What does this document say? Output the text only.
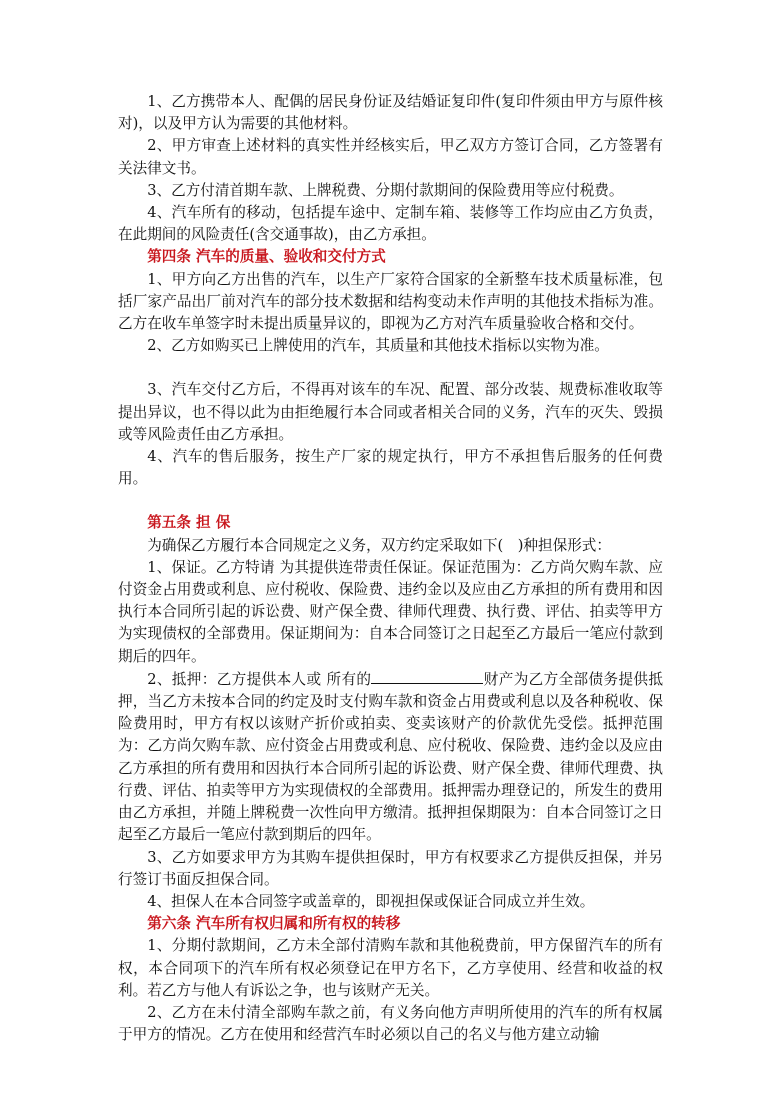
1、乙方携带本人、配偶的居民身份证及结婚证复印件(复印件须由甲方与原件核对)，以及甲方认为需要的其他材料。

2、甲方审查上述材料的真实性并经核实后，甲乙双方方签订合同，乙方签署有关法律文书。

3、乙方付清首期车款、上牌税费、分期付款期间的保险费用等应付税费。

4、汽车所有的移动，包括提车途中、定制车箱、装修等工作均应由乙方负责，在此期间的风险责任(含交通事故)，由乙方承担。

第四条 汽车的质量、验收和交付方式

1、甲方向乙方出售的汽车，以生产厂家符合国家的全新整车技术质量标准，包括厂家产品出厂前对汽车的部分技术数据和结构变动未作声明的其他技术指标为准。乙方在收车单签字时未提出质量异议的，即视为乙方对汽车质量验收合格和交付。

2、乙方如购买已上牌使用的汽车，其质量和其他技术指标以实物为准。

3、汽车交付乙方后，不得再对该车的车况、配置、部分改装、规费标准收取等提出异议，也不得以此为由拒绝履行本合同或者相关合同的义务，汽车的灭失、毁损或等风险责任由乙方承担。

4、汽车的售后服务，按生产厂家的规定执行，甲方不承担售后服务的任何费用。

第五条 担 保

为确保乙方履行本合同规定之义务，双方约定采取如下(　)种担保形式：

1、保证。乙方特请 为其提供连带责任保证。保证范围为：乙方尚欠购车款、应付资金占用费或利息、应付税收、保险费、违约金以及应由乙方承担的所有费用和因执行本合同所引起的诉讼费、财产保全费、律师代理费、执行费、评估、拍卖等甲方为实现债权的全部费用。保证期间为：自本合同签订之日起至乙方最后一笔应付款到期后的四年。

2、抵押：乙方提供本人或 所有的	财产为乙方全部债务提供抵押，当乙方未按本合同的约定及时支付购车款和资金占用费或利息以及各种税收、保险费用时，甲方有权以该财产折价或拍卖、变卖该财产的价款优先受偿。抵押范围为：乙方尚欠购车款、应付资金占用费或利息、应付税收、保险费、违约金以及应由乙方承担的所有费用和因执行本合同所引起的诉讼费、财产保全费、律师代理费、执行费、评估、拍卖等甲方为实现债权的全部费用。抵押需办理登记的，所发生的费用由乙方承担，并随上牌税费一次性向甲方缴清。抵押担保期限为：自本合同签订之日起至乙方最后一笔应付款到期后的四年。

3、乙方如要求甲方为其购车提供担保时，甲方有权要求乙方提供反担保，并另行签订书面反担保合同。

4、担保人在本合同签字或盖章的，即视担保或保证合同成立并生效。

第六条 汽车所有权归属和所有权的转移

1、分期付款期间，乙方未全部付清购车款和其他税费前，甲方保留汽车的所有权，本合同项下的汽车所有权必须登记在甲方名下，乙方享使用、经营和收益的权利。若乙方与他人有诉讼之争，也与该财产无关。

2、乙方在未付清全部购车款之前，有义务向他方声明所使用的汽车的所有权属于甲方的情况。乙方在使用和经营汽车时必须以自己的名义与他方建立动输
